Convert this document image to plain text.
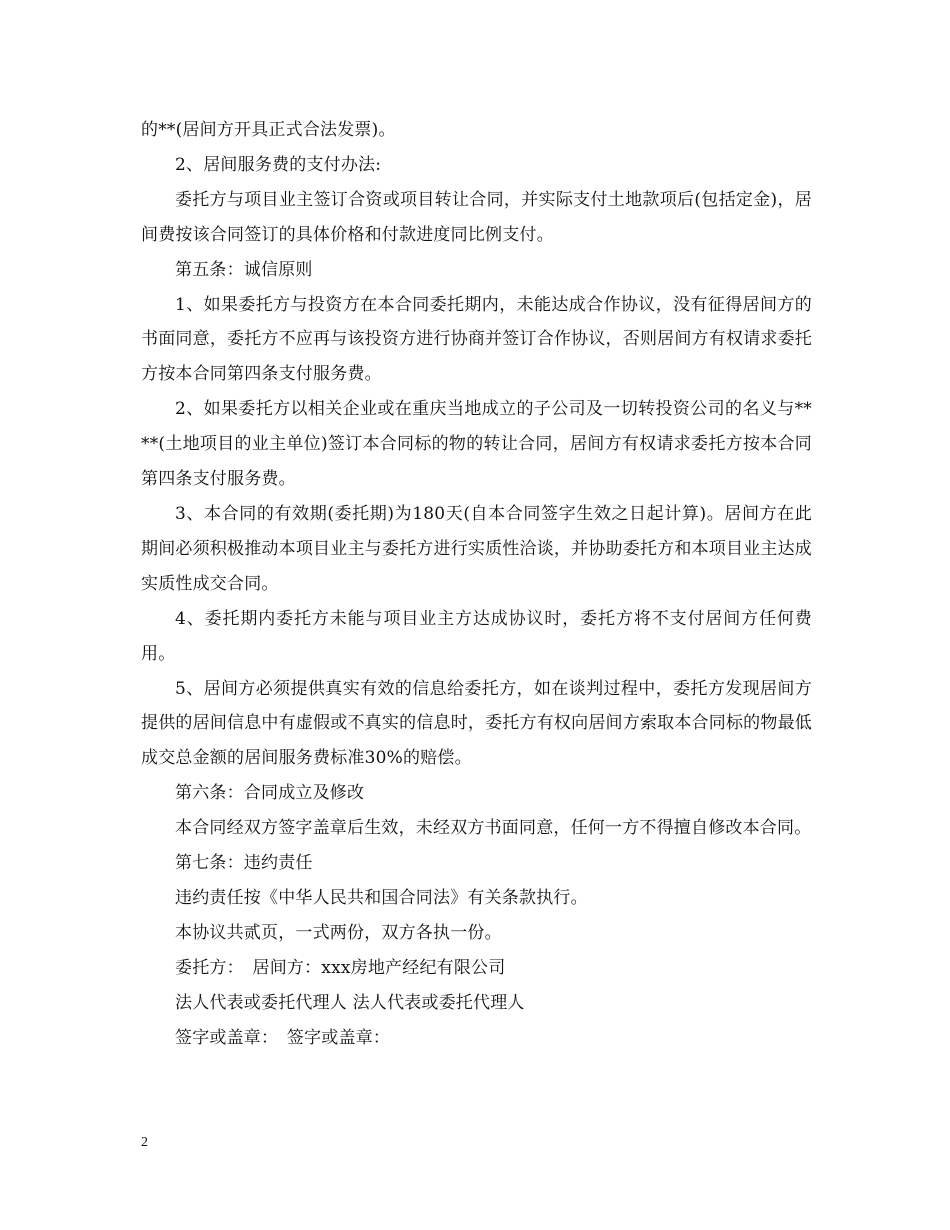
的**(居间方开具正式合法发票)。

2、居间服务费的支付办法:

委托方与项目业主签订合资或项目转让合同，并实际支付土地款项后(包括定金)，居间费按该合同签订的具体价格和付款进度同比例支付。

第五条：诚信原则

1、如果委托方与投资方在本合同委托期内，未能达成合作协议，没有征得居间方的书面同意，委托方不应再与该投资方进行协商并签订合作协议，否则居间方有权请求委托方按本合同第四条支付服务费。

2、如果委托方以相关企业或在重庆当地成立的子公司及一切转投资公司的名义与****(土地项目的业主单位)签订本合同标的物的转让合同，居间方有权请求委托方按本合同第四条支付服务费。

3、本合同的有效期(委托期)为180天(自本合同签字生效之日起计算)。居间方在此期间必须积极推动本项目业主与委托方进行实质性洽谈，并协助委托方和本项目业主达成实质性成交合同。

4、委托期内委托方未能与项目业主方达成协议时，委托方将不支付居间方任何费用。

5、居间方必须提供真实有效的信息给委托方，如在谈判过程中，委托方发现居间方提供的居间信息中有虚假或不真实的信息时，委托方有权向居间方索取本合同标的物最低成交总金额的居间服务费标准30%的赔偿。

第六条：合同成立及修改

本合同经双方签字盖章后生效，未经双方书面同意，任何一方不得擅自修改本合同。

第七条：违约责任

违约责任按《中华人民共和国合同法》有关条款执行。

本协议共贰页，一式两份，双方各执一份。

委托方：　居间方：xxx房地产经纪有限公司

法人代表或委托代理人 法人代表或委托代理人

签字或盖章：　签字或盖章：

2
